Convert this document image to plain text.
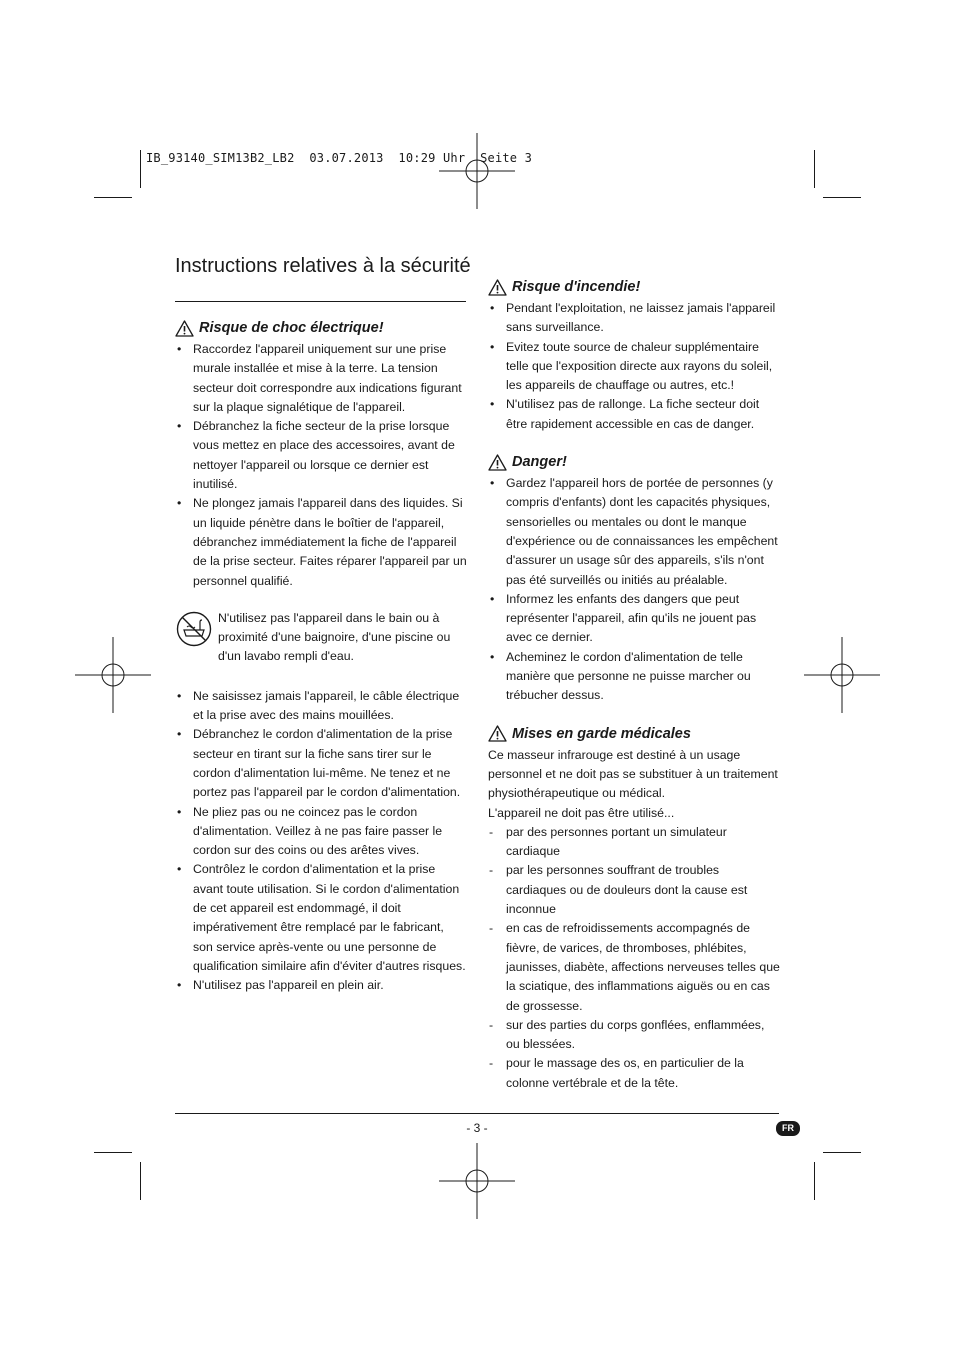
IB_93140_SIM13B2_LB2  03.07.2013  10:29 Uhr  Seite 3
Instructions relatives à la sécurité
Risque de choc électrique!
• Raccordez l'appareil uniquement sur une prise murale installée et mise à la terre. La tension secteur doit correspondre aux indications figurant sur la plaque signalétique de l'appareil.
• Débranchez la fiche secteur de la prise lorsque vous mettez en place des accessoires, avant de nettoyer l'appareil ou lorsque ce dernier est inutilisé.
• Ne plongez jamais l'appareil dans des liquides. Si un liquide pénètre dans le boîtier de l'appareil, débranchez immédiatement la fiche de l'appareil de la prise secteur. Faites réparer l'appareil par un personnel qualifié.
N'utilisez pas l'appareil dans le bain ou à proximité d'une baignoire, d'une piscine ou d'un lavabo rempli d'eau.
• Ne saisissez jamais l'appareil, le câble électrique et la prise avec des mains mouillées.
• Débranchez le cordon d'alimentation de la prise secteur en tirant sur la fiche sans tirer sur le cordon d'alimentation lui-même. Ne tenez et ne portez pas l'appareil par le cordon d'alimentation.
• Ne pliez pas ou ne coincez pas le cordon d'alimentation. Veillez à ne pas faire passer le cordon sur des coins ou des arêtes vives.
• Contrôlez le cordon d'alimentation et la prise avant toute utilisation. Si le cordon d'alimentation de cet appareil est endommagé, il doit impérativement être remplacé par le fabricant, son service après-vente ou une personne de qualification similaire afin d'éviter d'autres risques.
• N'utilisez pas l'appareil en plein air.
Risque d'incendie!
• Pendant l'exploitation, ne laissez jamais l'appareil sans surveillance.
• Evitez toute source de chaleur supplémentaire telle que l'exposition directe aux rayons du soleil, les appareils de chauffage ou autres, etc.!
• N'utilisez pas de rallonge. La fiche secteur doit être rapidement accessible en cas de danger.
Danger!
• Gardez l'appareil hors de portée de personnes (y compris d'enfants) dont les capacités physiques, sensorielles ou mentales ou dont le manque d'expérience ou de connaissances les empêchent d'assurer un usage sûr des appareils, s'ils n'ont pas été surveillés ou initiés au préalable.
• Informez les enfants des dangers que peut représenter l'appareil, afin qu'ils ne jouent pas avec ce dernier.
• Acheminez le cordon d'alimentation de telle manière que personne ne puisse marcher ou trébucher dessus.
Mises en garde médicales

Ce masseur infrarouge est destiné à un usage personnel et ne doit pas se substituer à un traitement physiothérapeutique ou médical.

L'appareil ne doit pas être utilisé...

- par des personnes portant un simulateur cardiaque
- par les personnes souffrant de troubles cardiaques ou de douleurs dont la cause est inconnue
- en cas de refroidissements accompagnés de fièvre, de varices, de thromboses, phlébites, jaunisses, diabète, affections nerveuses telles que la sciatique, des inflammations aiguës ou en cas de grossesse.
- sur des parties du corps gonflées, enflammées, ou blessées.
- pour le massage des os, en particulier de la colonne vertébrale et de la tête.
- 3 -	FR
